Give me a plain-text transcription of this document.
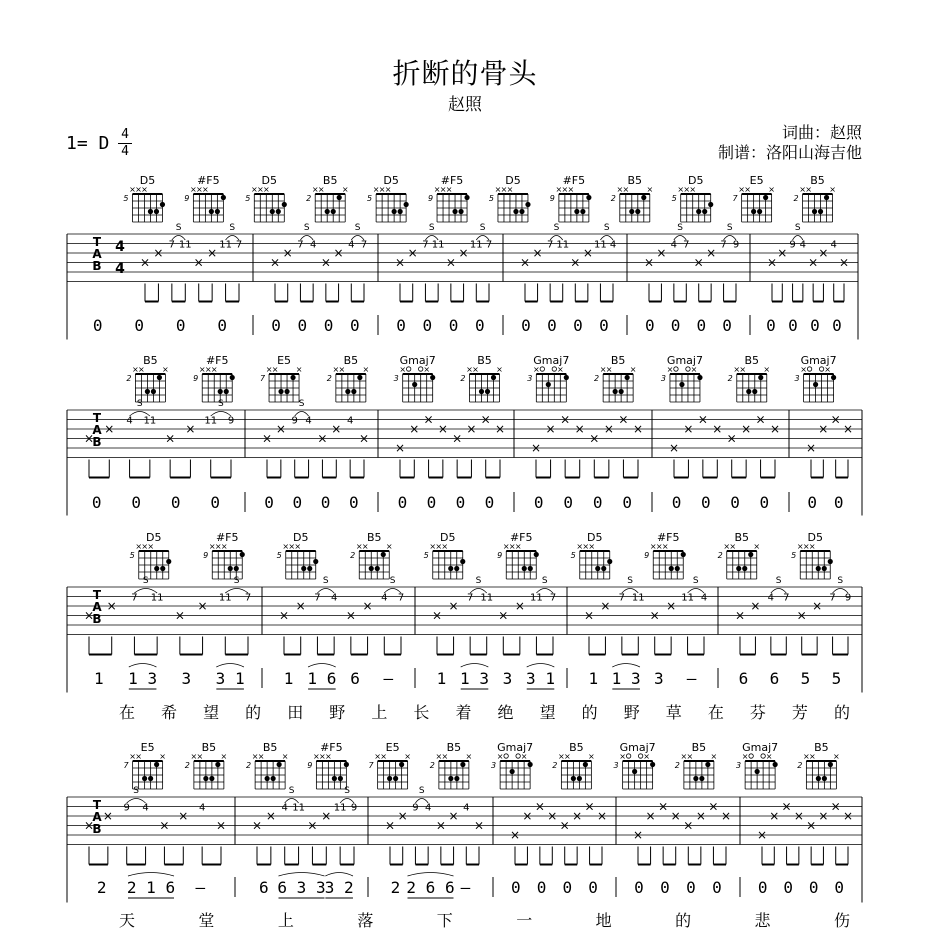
折断的骨头
赵照
1= D 4
4
词曲：赵照
制谱：洛阳山海吉他
T
A
B
4
4 ×
×
7 11
×
×
11 7
S	S
0 0 0 0
×
×
7 4
×
×
4 7
S	S
0 0 0 0
×
×
7 11
×
×
11 7
S	S
0 0 0 0
×
×
7 11
×
×
11 4
S	S
0 0 0 0
×
×
4 7
×
×
7 9
S	S
0 0 0 0
×
×
9 4
×
×
4
×
S
0 0 0 0
D5
5
× × ×
#F5
9
× × ×
D5
5
× × ×
B5
2
× × ×
D5
5
× × ×
#F5
9
× × ×
D5
5
× × ×
#F5
9
× × ×
B5
2
× × ×
D5
5
× × ×
E5
7
× × ×
B5
2
× × ×
T
A
B
×
×
4 11
×
×
11 9
S	S
0 0 0 0
×
×
9 4
×
×
4
×
S
0 0 0 0
×
×
×
×
×
×
×
×
0 0 0 0
×
×
×
×
×
×
×
×
0 0 0 0
×
×
×
×
×
×
×
×
0 0 0 0
×
×
×
×
0 0
B5
2
× × ×
#F5
9
× × ×
E5
7
× × ×
B5
2
× × ×
Gmaj7
3
× ×
B5
2
× × ×
Gmaj7
3
× ×
B5
2
× × ×
Gmaj7
3
× ×
B5
2
× × ×
Gmaj7
3
× ×
T
A
B
×
×
7 11
×
×
11 7
S	S
1 1 3 3 3 1
×
×
7 4
×
×
4 7
S	S
1 1 6 6 –
×
×
7 11
×
×
11 7
S	S
1 1 3 3 3 1
×
×
7 11
×
×
11 4
S	S
1 1 3 3 –
×
×
4 7
×
×
7 9
S	S
6 6 5 5
D5
5
× × ×
#F5
9
× × ×
D5
5
× × ×
B5
2
× × ×
D5
5
× × ×
#F5
9
× × ×
D5
5
× × ×
#F5
9
× × ×
B5
2
× × ×
D5
5
× × ×
在 希 望 的 田 野 上 长 着 绝 望 的 野 草 在 芬 芳 的
T
A
B
×
×
9 4
×
×
4
×
S
2 2 1 6 –
×
×
4 11
×
×
11 9
S	S
6 6 3 3 3 2
×
×
9 4
×
×
4
×
S
2 2 6 6 –
×
×
×
×
×
×
×
×
0 0 0 0
×
×
×
×
×
×
×
×
0 0 0 0
×
×
×
×
×
×
×
×
0 0 0 0
E5
7
× × ×
B5
2
× × ×
B5
2
× × ×
#F5
9
× × ×
E5
7
× × ×
B5
2
× × ×
Gmaj7
3
× ×
B5
2
× × ×
Gmaj7
3
× ×
B5
2
× × ×
Gmaj7
3
× ×
B5
2
× × ×
天	堂	上	落	下	一	地	的	悲	伤
